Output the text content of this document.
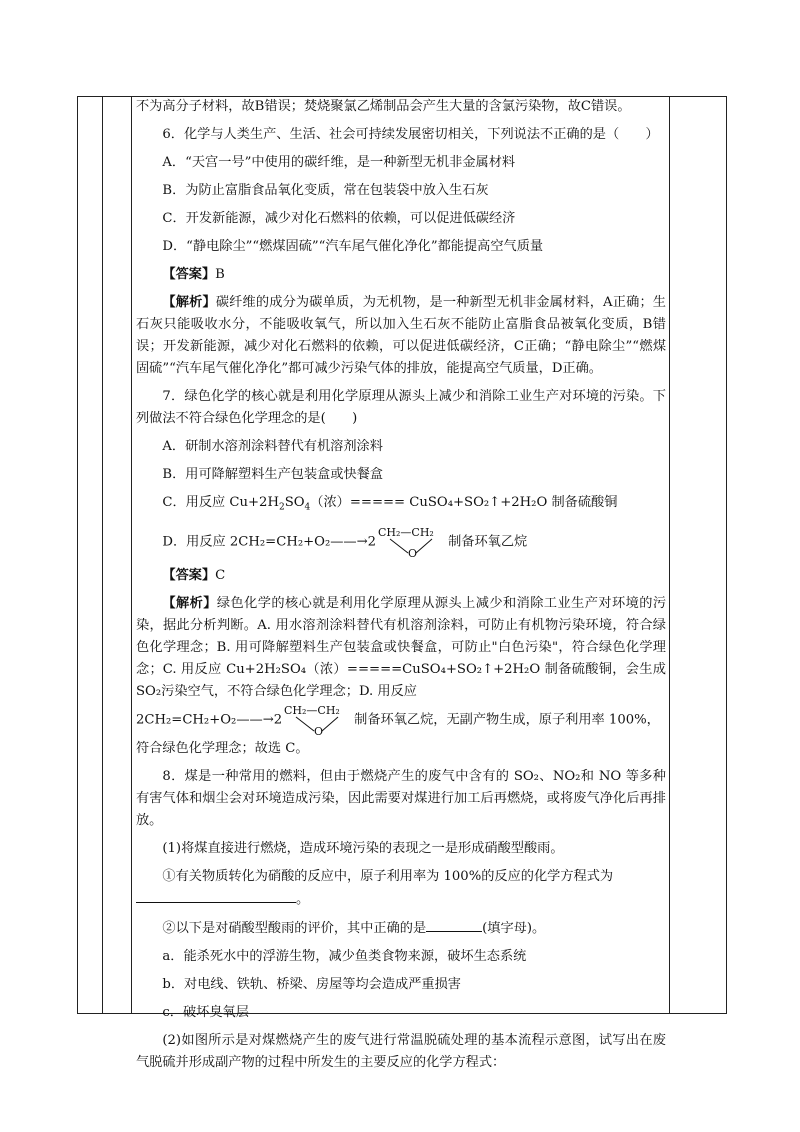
不为高分子材料，故B错误；焚烧聚氯乙烯制品会产生大量的含氯污染物，故C错误。

6．化学与人类生产、生活、社会可持续发展密切相关，下列说法不正确的是（　　）

A．“天宫一号”中使用的碳纤维，是一种新型无机非金属材料

B．为防止富脂食品氧化变质，常在包装袋中放入生石灰

C．开发新能源，减少对化石燃料的依赖，可以促进低碳经济

D．“静电除尘”“燃煤固硫”“汽车尾气催化净化”都能提高空气质量

【答案】B

【解析】碳纤维的成分为碳单质，为无机物，是一种新型无机非金属材料，A正确；生石灰只能吸收水分，不能吸收氧气，所以加入生石灰不能防止富脂食品被氧化变质，B错误；开发新能源，减少对化石燃料的依赖，可以促进低碳经济，C正确；“静电除尘”“燃煤固硫”“汽车尾气催化净化”都可减少污染气体的排放，能提高空气质量，D正确。

7．绿色化学的核心就是利用化学原理从源头上减少和消除工业生产对环境的污染。下列做法不符合绿色化学理念的是(　　)

A．研制水溶剂涂料替代有机溶剂涂料

B．用可降解塑料生产包装盒或快餐盒

C．用反应 $Cu+2H_2SO_4$（浓）===== CuSO₄+SO₂↑+2H₂O 制备硫酸铜

D．用反应 2CH₂=CH₂+O₂——→2
CH₂—CH₂
O
制备环氧乙烷

【答案】C

【解析】绿色化学的核心就是利用化学原理从源头上减少和消除工业生产对环境的污染，据此分析判断。A. 用水溶剂涂料替代有机溶剂涂料，可防止有机物污染环境，符合绿色化学理念；B. 用可降解塑料生产包装盒或快餐盒，可防止"白色污染"，符合绿色化学理念；C. 用反应 Cu+2H₂SO₄（浓）=====CuSO₄+SO₂↑+2H₂O 制备硫酸铜，会生成 SO₂污染空气，不符合绿色化学理念；D. 用反应

2CH₂=CH₂+O₂——→2
CH₂—CH₂
O
制备环氧乙烷，无副产物生成，原子利用率 100%，

符合绿色化学理念；故选 C。

8．煤是一种常用的燃料，但由于燃烧产生的废气中含有的 SO₂、NO₂和 NO 等多种有害气体和烟尘会对环境造成污染，因此需要对煤进行加工后再燃烧，或将废气净化后再排放。

(1)将煤直接进行燃烧，造成环境污染的表现之一是形成硝酸型酸雨。

①有关物质转化为硝酸的反应中，原子利用率为 100%的反应的化学方程式为

。

②以下是对硝酸型酸雨的评价，其中正确的是	(填字母)。

a．能杀死水中的浮游生物，减少鱼类食物来源，破坏生态系统

b．对电线、铁轨、桥梁、房屋等均会造成严重损害

c．破坏臭氧层

(2)如图所示是对煤燃烧产生的废气进行常温脱硫处理的基本流程示意图，试写出在废气脱硫并形成副产物的过程中所发生的主要反应的化学方程式：
